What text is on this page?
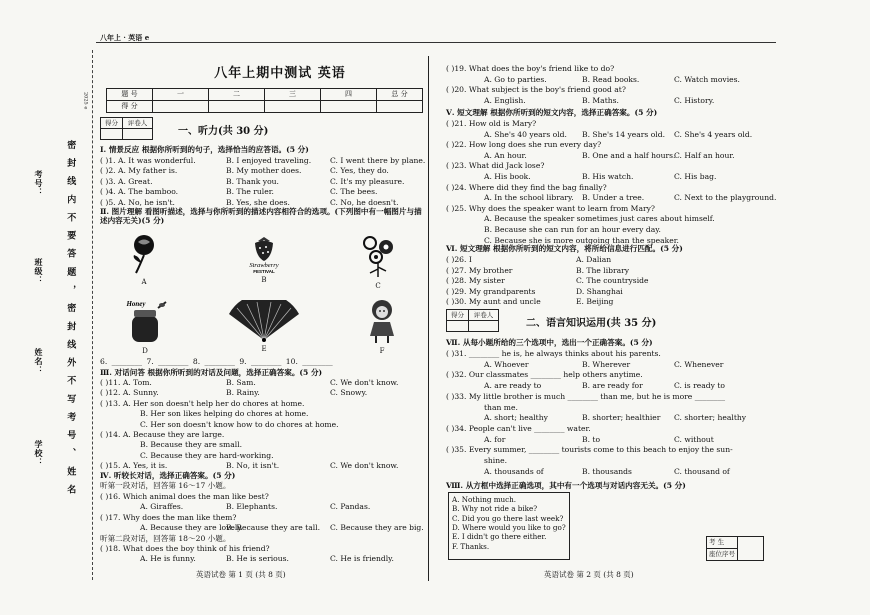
八年上 · 英语 e
2025 e
密 封 线 内 不 要 答 题 ， 密 封 线 外 不 写 考 号 、 姓 名
考号：
班级：
姓名：
学校：
八年上期中测试 英语
题 号	一	二	三	四	总 分
得 分					
得分	评卷人

一、听力(共 30 分)
Ⅰ. 情景反应 根据你所听到的句子，选择恰当的应答语。(5 分)
( )1. A. It was wonderful.	B. I enjoyed traveling. C. I went there by plane.
( )2. A. My father is.	B. My mother does.	C. Yes, they do.
( )3. A. Great.	B. Thank you.	C. It's my pleasure.
( )4. A. The bamboo.	B. The ruler.	C. The bees.
( )5. A. No, he isn't.	B. Yes, she does.	C. No, he doesn't.
Ⅱ. 图片理解 看图听描述，选择与你所听到的描述内容相符合的选项。(下列图中有一幅图片与描述内容无关)(5 分)
A
Strawberry
FESTIVAL
B
C
Honey
D	E	F
6. ________ 7. ________ 8. ________ 9. ________ 10. ________
Ⅲ. 对话问答 根据你所听到的对话及问题，选择正确答案。(5 分)
( )11. A. Tom.	B. Sam.	C. We don't know.
( )12. A. Sunny.	B. Rainy.	C. Snowy.
( )13. A. Her son doesn't help her do chores at home.
B. Her son likes helping do chores at home.
C. Her son doesn't know how to do chores at home.
( )14. A. Because they are large.
B. Because they are small.
C. Because they are hard-working.
( )15. A. Yes, it is.	B. No, it isn't.	C. We don't know.
Ⅳ. 听较长对话，选择正确答案。(5 分)
听第一段对话，回答第 16～17 小题。
( )16. Which animal does the man like best?
A. Giraffes.	B. Elephants.	C. Pandas.
( )17. Why does the man like them?
A. Because they are lovely.
B. Because they are tall. C. Because they are big.
听第二段对话，回答第 18～20 小题。
( )18. What does the boy think of his friend?
A. He is funny.	B. He is serious.	C. He is friendly.
英语试卷 第 1 页 (共 8 页)
( )19. What does the boy's friend like to do?
A. Go to parties.	B. Read books.	C. Watch movies.
( )20. What subject is the boy's friend good at?
A. English.	B. Maths.	C. History.
Ⅴ. 短文理解 根据你所听到的短文内容，选择正确答案。(5 分)
( )21. How old is Mary?
A. She's 40 years old. B. She's 14 years old. C. She's 4 years old.
( )22. How long does she run every day?
A. An hour.	B. One and a half hours.
C. Half an hour.
( )23. What did Jack lose?
A. His book.	B. His watch.	C. His bag.
( )24. Where did they find the bag finally?
A. In the school library. B. Under a tree.	C. Next to the playground.
( )25. Why does the speaker want to learn from Mary?
A. Because the speaker sometimes just cares about himself.
B. Because she can run for an hour every day.
C. Because she is more outgoing than the speaker.
Ⅵ. 短文理解 根据你所听到的短文内容，将所给信息进行匹配。(5 分)
( )26. I	A. Dalian
( )27. My brother	B. The library
( )28. My sister	C. The countryside
( )29. My grandparents	D. Shanghai
( )30. My aunt and uncle	E. Beijing
得分	评卷人

二、语言知识运用(共 35 分)
Ⅶ. 从每小题所给的三个选项中，选出一个正确答案。(5 分)
( )31. ________ he is, he always thinks about his parents.
A. Whoever	B. Wherever	C. Whenever
( )32. Our classmates ________ help others anytime.
A. are ready to	B. are ready for	C. is ready to
( )33. My little brother is much ________ than me, but he is more ________
than me.
A. short; healthy	B. shorter; healthier C. shorter; healthy
( )34. People can't live ________ water.
A. for	B. to	C. without
( )35. Every summer, ________ tourists come to this beach to enjoy the sun-
shine.
A. thousands of	B. thousands	C. thousand of
Ⅷ. 从方框中选择正确选项，其中有一个选项与对话内容无关。(5 分)
A. Nothing much.
B. Why not ride a bike?
C. Did you go there last week?
D. Where would you like to go?
E. I didn't go there either.
F. Thanks.	考 生	
座位序号
英语试卷 第 2 页 (共 8 页)
